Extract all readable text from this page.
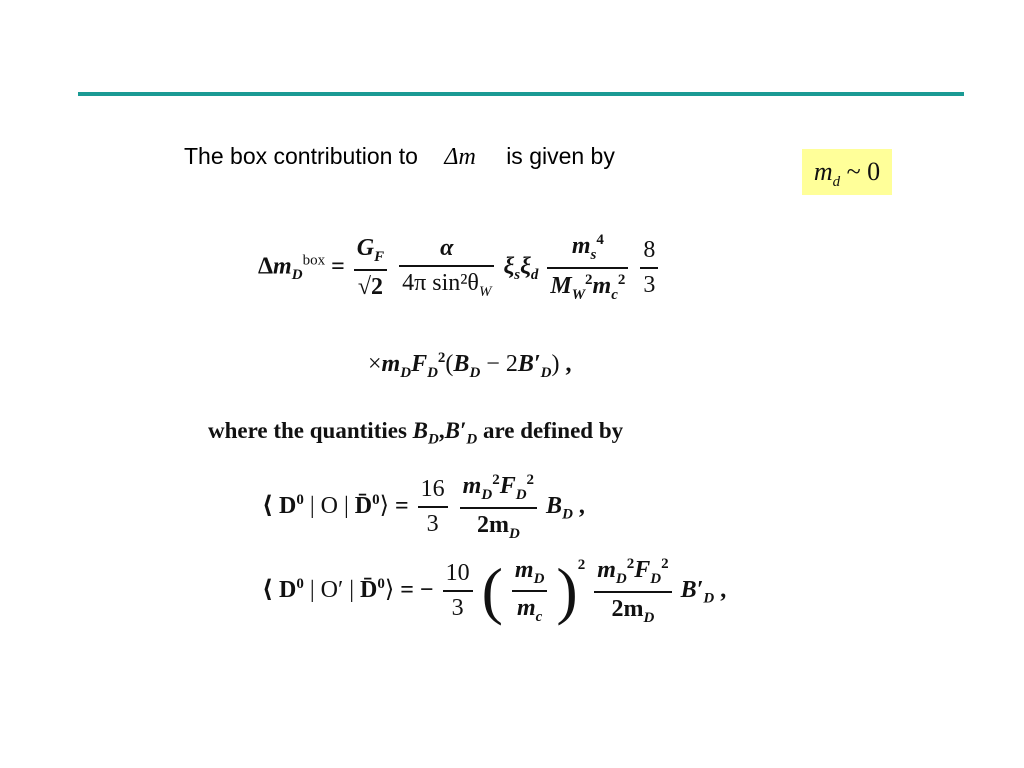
The box contribution to Δm is given by
$m_d$ ~ 0
$\Delta m_D^{box} = \frac{G_F}{√2}$
$\frac{\alpha}{4\pi \sin^2\theta_W} \xi_s\xi_d \frac{m_s^4}{M_W^2m_c^2}$
$\frac{8}{3}$
$\times m_DF_D^2(B_D - 2B'_D)$ ,
where the quantities $B_D,B'_D$ are defined by
⟨ $D^0$ | O | D̄$^0$⟩ = $\frac{16}{3}$
$\frac{m_D^2F_D^2}{2m_D} B_D$ ,
⟨ $D^0$ | O′ | D̄$^0$⟩ = − $\frac{10}{3}$ ( $\frac{m_D}{m_c} )^2 \frac{m_D^2F_D^2}{2m_D} B'_D$ ,
